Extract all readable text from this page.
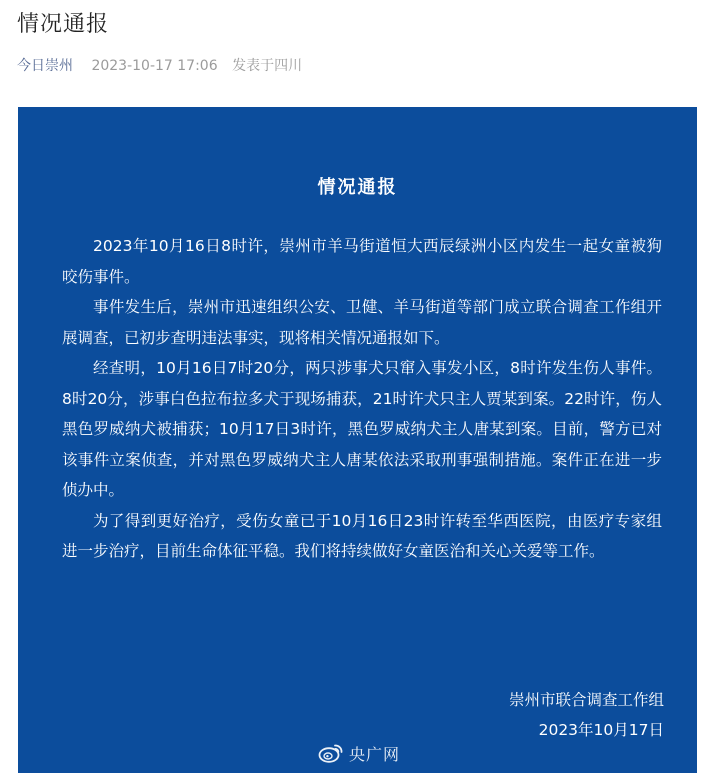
情况通报
今日崇州 2023-10-17 17:06 发表于四川
情况通报

2023年10月16日8时许，崇州市羊马街道恒大西辰绿洲小区内发生一起女童被狗咬伤事件。

事件发生后，崇州市迅速组织公安、卫健、羊马街道等部门成立联合调查工作组开展调查，已初步查明违法事实，现将相关情况通报如下。

经查明，10月16日7时20分，两只涉事犬只窜入事发小区，8时许发生伤人事件。8时20分，涉事白色拉布拉多犬于现场捕获，21时许犬只主人贾某到案。22时许，伤人黑色罗威纳犬被捕获；10月17日3时许，黑色罗威纳犬主人唐某到案。目前，警方已对该事件立案侦查，并对黑色罗威纳犬主人唐某依法采取刑事强制措施。案件正在进一步侦办中。

为了得到更好治疗，受伤女童已于10月16日23时许转至华西医院，由医疗专家组进一步治疗，目前生命体征平稳。我们将持续做好女童医治和关心关爱等工作。

崇州市联合调查工作组
2023年10月17日
央广网
